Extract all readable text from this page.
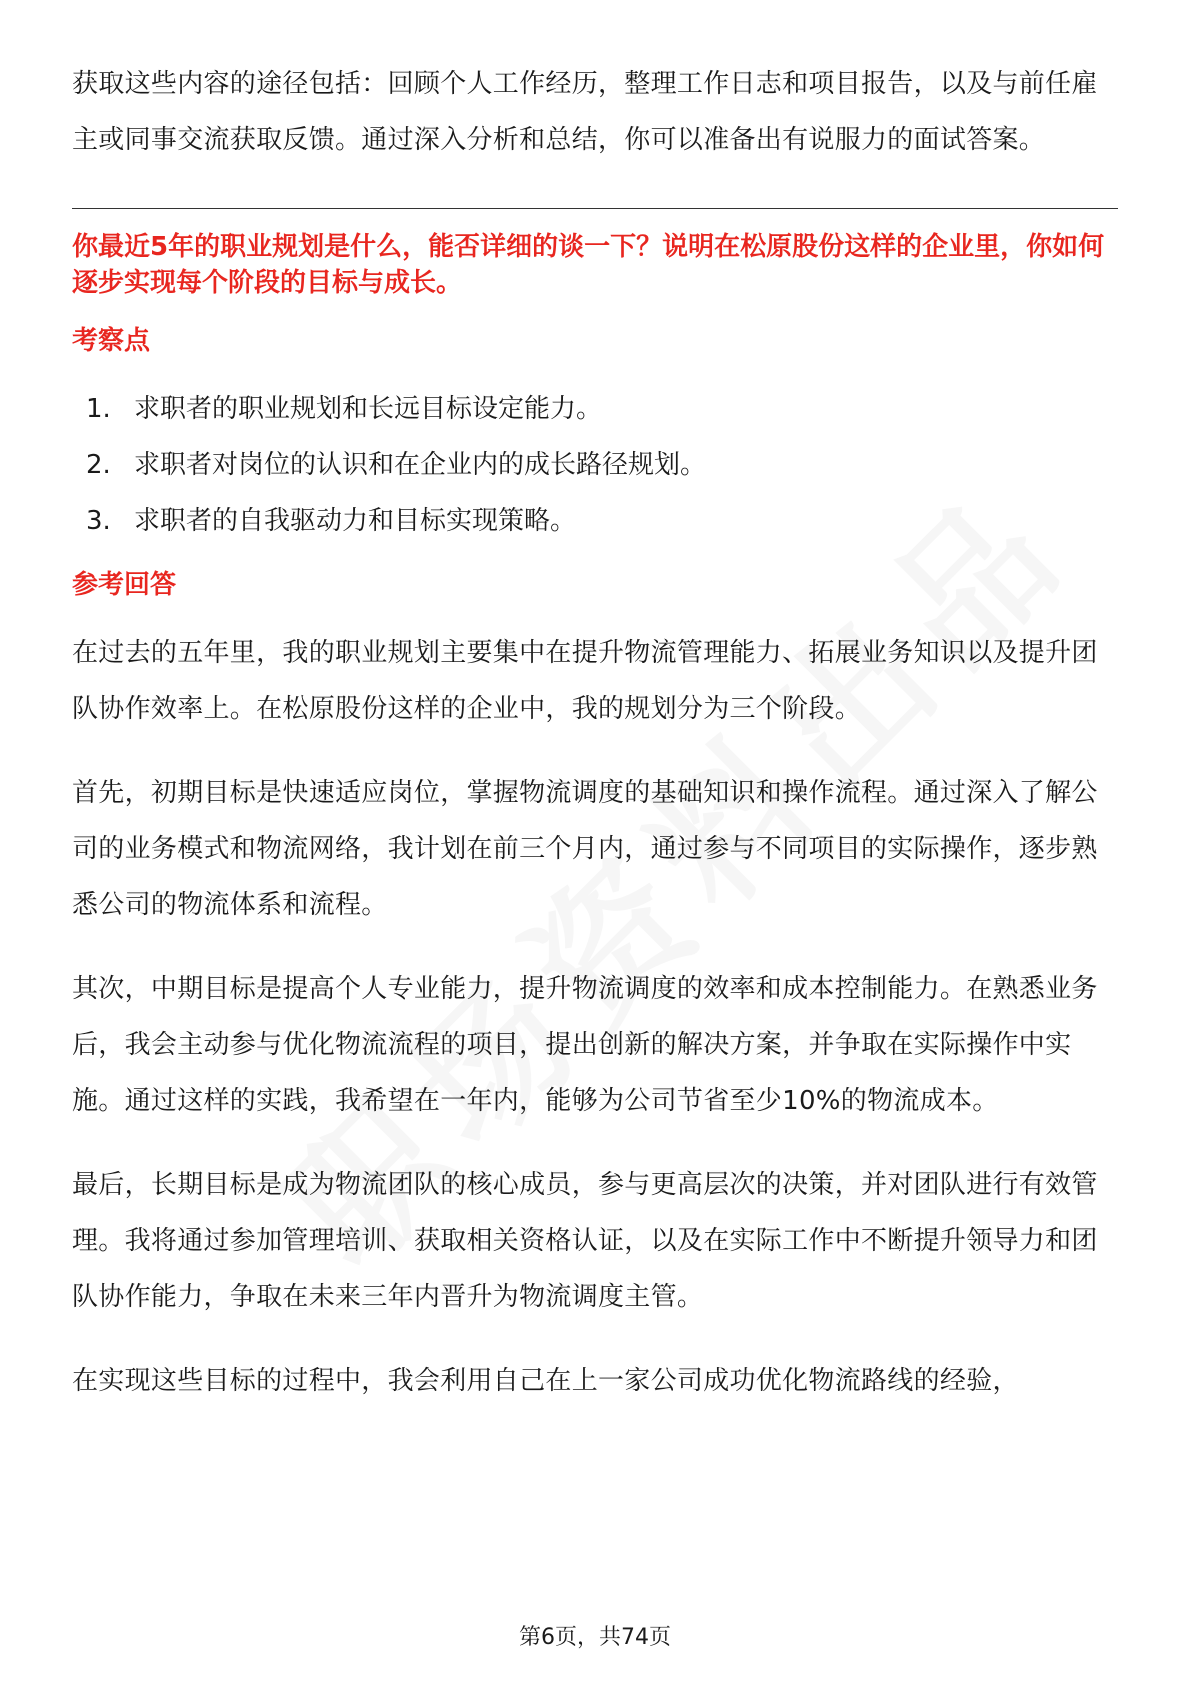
获取这些内容的途径包括：回顾个人工作经历，整理工作日志和项目报告，以及与前任雇主或同事交流获取反馈。通过深入分析和总结，你可以准备出有说服力的面试答案。

你最近5年的职业规划是什么，能否详细的谈一下？说明在松原股份这样的企业里，你如何逐步实现每个阶段的目标与成长。

考察点
1. 求职者的职业规划和长远目标设定能力。
2. 求职者对岗位的认识和在企业内的成长路径规划。
3. 求职者的自我驱动力和目标实现策略。
参考回答

在过去的五年里，我的职业规划主要集中在提升物流管理能力、拓展业务知识以及提升团队协作效率上。在松原股份这样的企业中，我的规划分为三个阶段。

首先，初期目标是快速适应岗位，掌握物流调度的基础知识和操作流程。通过深入了解公司的业务模式和物流网络，我计划在前三个月内，通过参与不同项目的实际操作，逐步熟悉公司的物流体系和流程。

其次，中期目标是提高个人专业能力，提升物流调度的效率和成本控制能力。在熟悉业务后，我会主动参与优化物流流程的项目，提出创新的解决方案，并争取在实际操作中实施。通过这样的实践，我希望在一年内，能够为公司节省至少10%的物流成本。

最后，长期目标是成为物流团队的核心成员，参与更高层次的决策，并对团队进行有效管理。我将通过参加管理培训、获取相关资格认证，以及在实际工作中不断提升领导力和团队协作能力，争取在未来三年内晋升为物流调度主管。

在实现这些目标的过程中，我会利用自己在上一家公司成功优化物流路线的经验，

第6页，共74页
